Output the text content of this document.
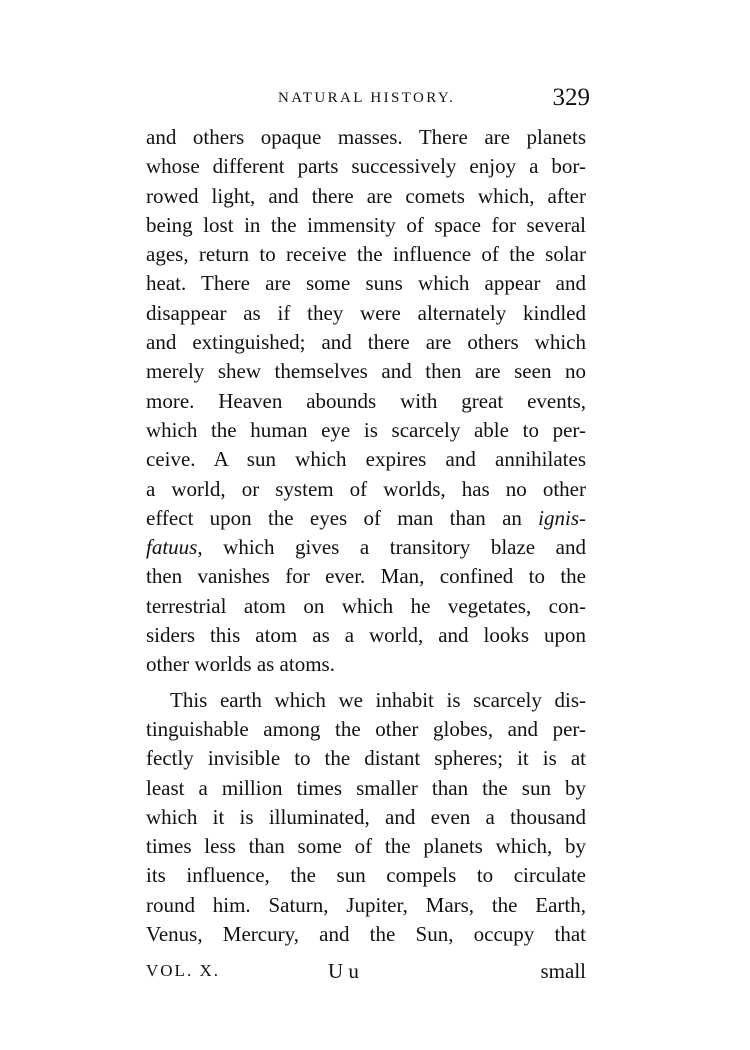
NATURAL HISTORY.	329
and others opaque masses. There are planets
whose different parts successively enjoy a bor-
rowed light, and there are comets which, after
being lost in the immensity of space for several
ages, return to receive the influence of the solar
heat. There are some suns which appear and
disappear as if they were alternately kindled
and extinguished; and there are others which
merely shew themselves and then are seen no
more. Heaven abounds with great events,
which the human eye is scarcely able to per-
ceive. A sun which expires and annihilates
a world, or system of worlds, has no other
effect upon the eyes of man than an ignis-
fatuus, which gives a transitory blaze and
then vanishes for ever. Man, confined to the
terrestrial atom on which he vegetates, con-
siders this atom as a world, and looks upon
other worlds as atoms.
This earth which we inhabit is scarcely dis-
tinguishable among the other globes, and per-
fectly invisible to the distant spheres; it is at
least a million times smaller than the sun by
which it is illuminated, and even a thousand
times less than some of the planets which, by
its influence, the sun compels to circulate
round him. Saturn, Jupiter, Mars, the Earth,
Venus, Mercury, and the Sun, occupy that
VOL. X.	U u	small
